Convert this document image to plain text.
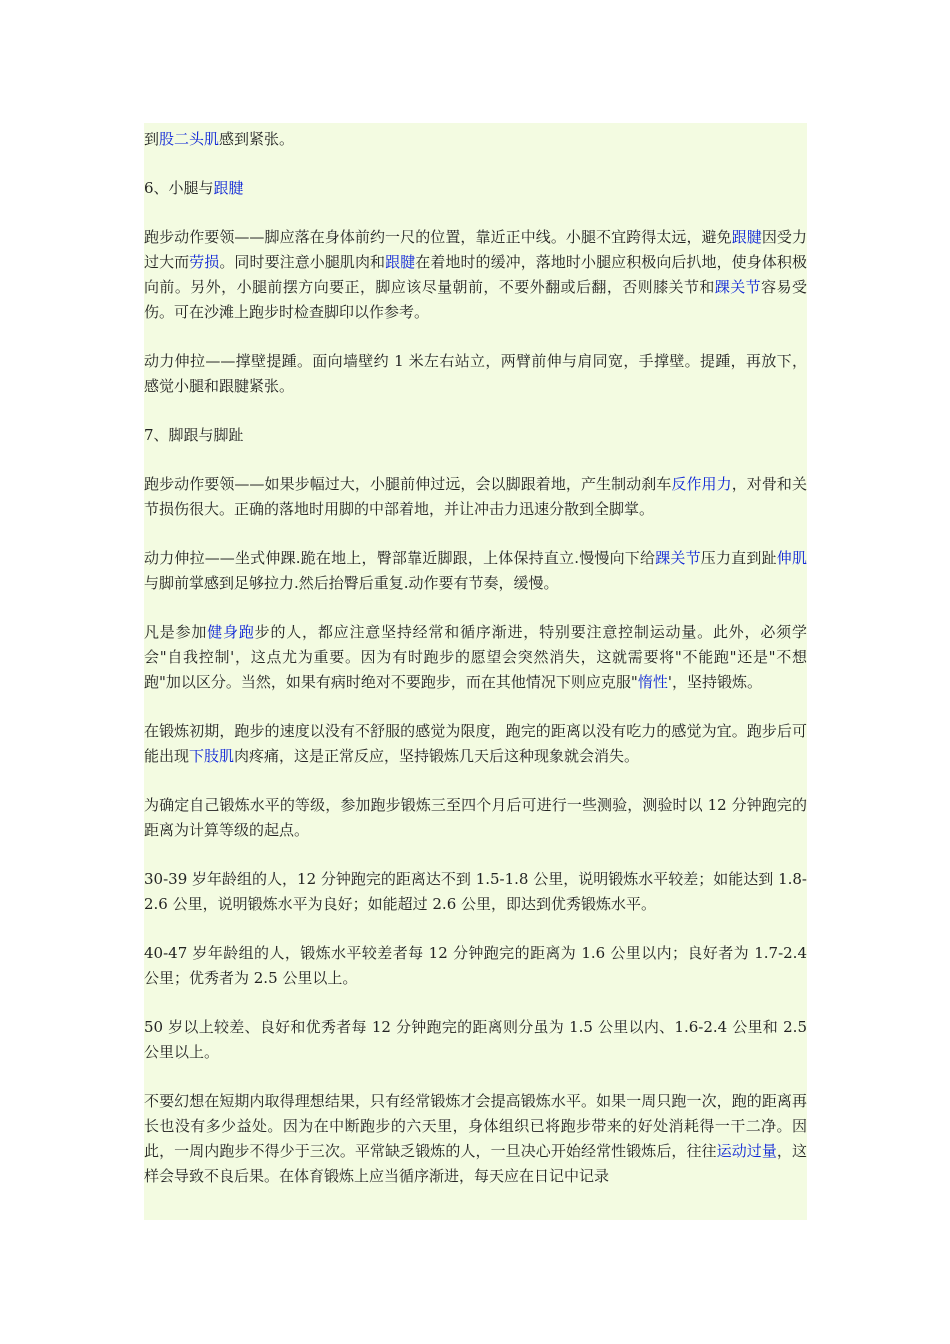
到股二头肌感到紧张。

6、小腿与跟腱

跑步动作要领——脚应落在身体前约一尺的位置，靠近正中线。小腿不宜跨得太远，避免跟腱因受力过大而劳损。同时要注意小腿肌肉和跟腱在着地时的缓冲，落地时小腿应积极向后扒地，使身体积极向前。另外，小腿前摆方向要正，脚应该尽量朝前，不要外翻或后翻，否则膝关节和踝关节容易受伤。可在沙滩上跑步时检查脚印以作参考。

动力伸拉——撑壁提踵。面向墙壁约 1 米左右站立，两臂前伸与肩同宽，手撑壁。提踵，再放下，感觉小腿和跟腱紧张。

7、脚跟与脚趾

跑步动作要领——如果步幅过大，小腿前伸过远，会以脚跟着地，产生制动刹车反作用力，对骨和关节损伤很大。正确的落地时用脚的中部着地，并让冲击力迅速分散到全脚掌。

动力伸拉——坐式伸踝.跪在地上，臀部靠近脚跟，上体保持直立.慢慢向下给踝关节压力直到趾伸肌与脚前掌感到足够拉力.然后抬臀后重复.动作要有节奏，缓慢。

凡是参加健身跑步的人，都应注意坚持经常和循序渐进，特别要注意控制运动量。此外，必须学会"自我控制'，这点尤为重要。因为有时跑步的愿望会突然消失，这就需要将"不能跑"还是"不想跑"加以区分。当然，如果有病时绝对不要跑步，而在其他情况下则应克服"惰性'，坚持锻炼。

在锻炼初期，跑步的速度以没有不舒服的感觉为限度，跑完的距离以没有吃力的感觉为宜。跑步后可能出现下肢肌肉疼痛，这是正常反应，坚持锻炼几天后这种现象就会消失。

为确定自己锻炼水平的等级，参加跑步锻炼三至四个月后可进行一些测验，测验时以 12 分钟跑完的距离为计算等级的起点。

30-39 岁年龄组的人，12 分钟跑完的距离达不到 1.5-1.8 公里，说明锻炼水平较差；如能达到 1.8-2.6 公里，说明锻炼水平为良好；如能超过 2.6 公里，即达到优秀锻炼水平。

40-47 岁年龄组的人，锻炼水平较差者每 12 分钟跑完的距离为 1.6 公里以内；良好者为 1.7-2.4 公里；优秀者为 2.5 公里以上。

50 岁以上较差、良好和优秀者每 12 分钟跑完的距离则分虽为 1.5 公里以内、1.6-2.4 公里和 2.5 公里以上。

不要幻想在短期内取得理想结果，只有经常锻炼才会提高锻炼水平。如果一周只跑一次，跑的距离再长也没有多少益处。因为在中断跑步的六天里，身体组织已将跑步带来的好处消耗得一干二净。因此，一周内跑步不得少于三次。平常缺乏锻炼的人，一旦决心开始经常性锻炼后，往往运动过量，这样会导致不良后果。在体育锻炼上应当循序渐进，每天应在日记中记录
